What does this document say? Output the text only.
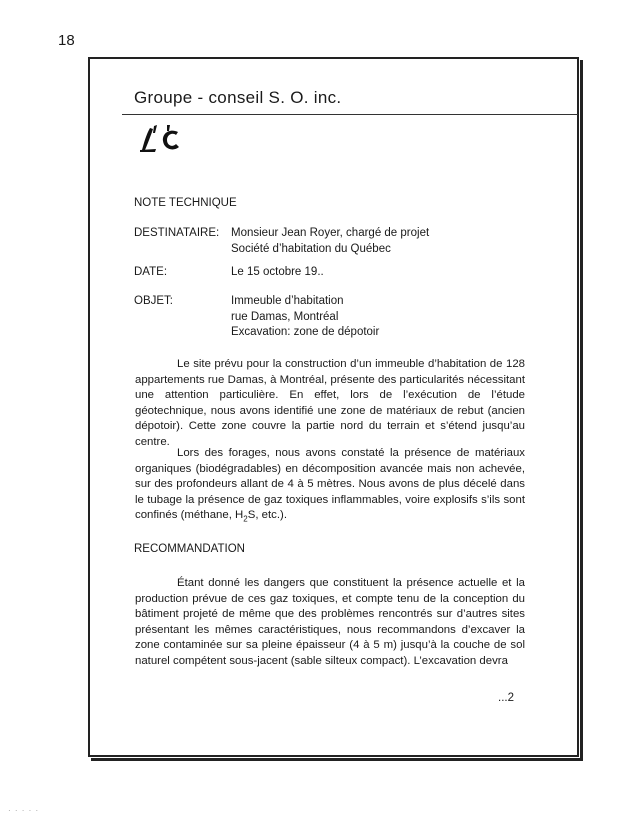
18
Groupe - conseil S. O. inc.
NOTE TECHNIQUE
DESTINATAIRE: Monsieur Jean Royer, chargé de projet
Société d’habitation du Québec
DATE:	Le 15 octobre 19..
OBJET:	Immeuble d’habitation
rue Damas, Montréal
Excavation: zone de dépotoir

Le site prévu pour la construction d’un immeuble d’habitation de 128 appartements rue Damas, à Montréal, présente des particularités nécessitant une attention particulière. En effet, lors de l’exécution de l’étude géotechnique, nous avons identifié une zone de matériaux de rebut (ancien dépotoir). Cette zone couvre la partie nord du terrain et s’étend jusqu’au centre.

Lors des forages, nous avons constaté la présence de matériaux organiques (biodégradables) en décomposition avancée mais non achevée, sur des profondeurs allant de 4 à 5 mètres. Nous avons de plus décelé dans le tubage la présence de gaz toxiques inflammables, voire explosifs s’ils sont confinés (méthane, $H_2S$, etc.).

RECOMMANDATION

Étant donné les dangers que constituent la présence actuelle et la production prévue de ces gaz toxiques, et compte tenu de la conception du bâtiment projeté de même que des problèmes rencontrés sur d’autres sites présentant les mêmes caractéristiques, nous recommandons d’excaver la zone contaminée sur sa pleine épaisseur (4 à 5 m) jusqu’à la couche de sol naturel compétent sous-jacent (sable silteux compact). L’excavation devra

...2
· · · · ·
